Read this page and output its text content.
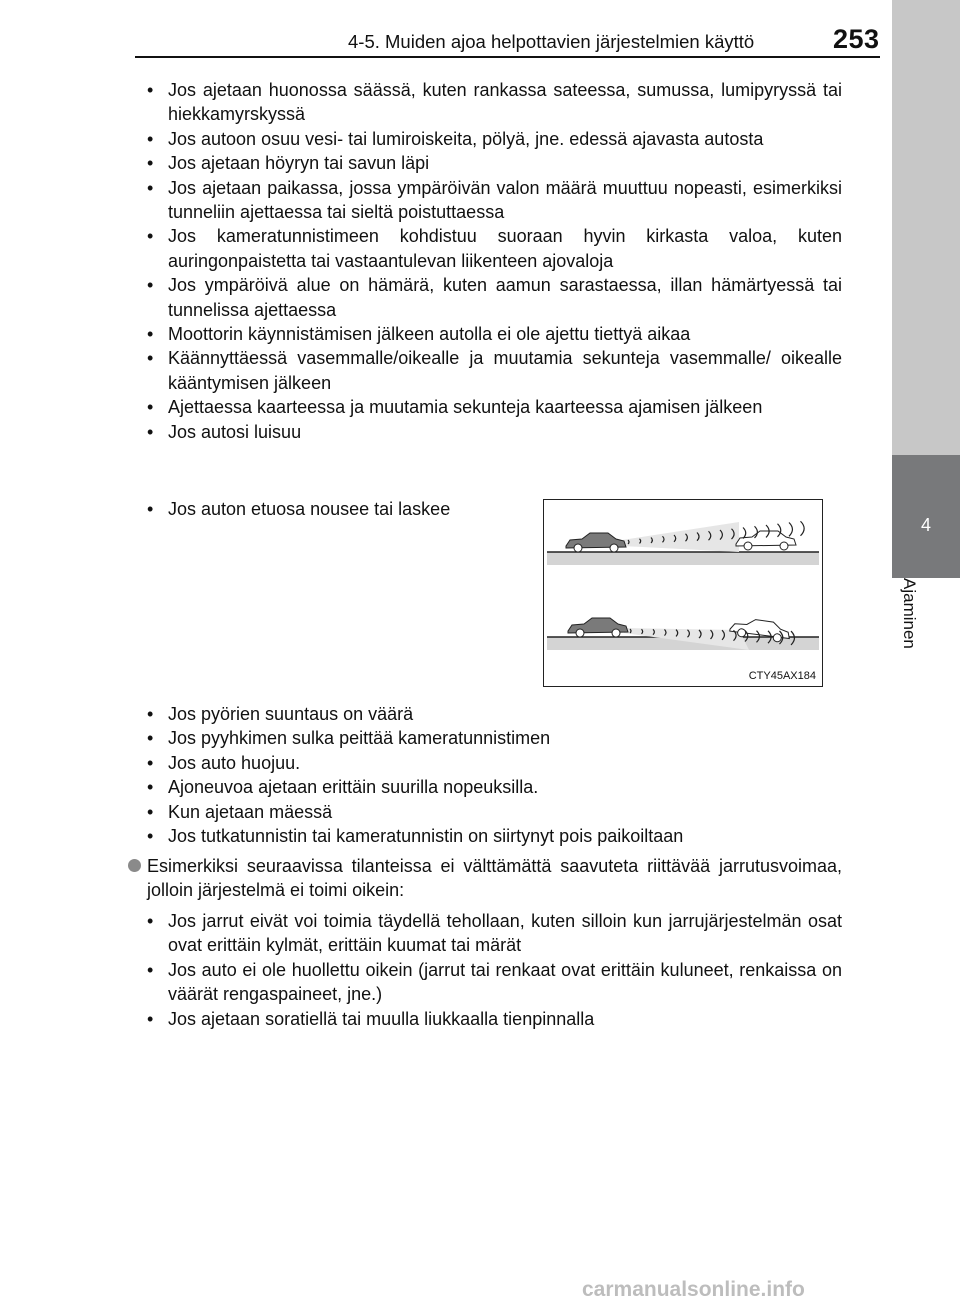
4-5. Muiden ajoa helpottavien järjestelmien käyttö	253
4
Ajaminen
• Jos ajetaan huonossa säässä, kuten rankassa sateessa, sumussa, lumipyryssä tai hiekkamyrskyssä
• Jos autoon osuu vesi- tai lumiroiskeita, pölyä, jne. edessä ajavasta autosta
• Jos ajetaan höyryn tai savun läpi
• Jos ajetaan paikassa, jossa ympäröivän valon määrä muuttuu nopeasti, esimerkiksi tunneliin ajettaessa tai sieltä poistuttaessa
• Jos kameratunnistimeen kohdistuu suoraan hyvin kirkasta valoa, kuten auringonpaistetta tai vastaantulevan liikenteen ajovaloja
• Jos ympäröivä alue on hämärä, kuten aamun sarastaessa, illan hämärtyessä tai tunnelissa ajettaessa
• Moottorin käynnistämisen jälkeen autolla ei ole ajettu tiettyä aikaa
• Käännyttäessä vasemmalle/oikealle ja muutamia sekunteja vasemmalle/ oikealle kääntymisen jälkeen
• Ajettaessa kaarteessa ja muutamia sekunteja kaarteessa ajamisen jälkeen
• Jos autosi luisuu
• Jos auton etuosa nousee tai laskee
CTY45AX184
• Jos pyörien suuntaus on väärä
• Jos pyyhkimen sulka peittää kameratunnistimen
• Jos auto huojuu.
• Ajoneuvoa ajetaan erittäin suurilla nopeuksilla.
• Kun ajetaan mäessä
• Jos tutkatunnistin tai kameratunnistin on siirtynyt pois paikoiltaan
Esimerkiksi seuraavissa tilanteissa ei välttämättä saavuteta riittävää jarrutusvoimaa, jolloin järjestelmä ei toimi oikein:
• Jos jarrut eivät voi toimia täydellä tehollaan, kuten silloin kun jarrujärjestelmän osat ovat erittäin kylmät, erittäin kuumat tai märät
• Jos auto ei ole huollettu oikein (jarrut tai renkaat ovat erittäin kuluneet, renkaissa on väärät rengaspaineet, jne.)
• Jos ajetaan soratiellä tai muulla liukkaalla tienpinnalla
carmanualsonline.info
